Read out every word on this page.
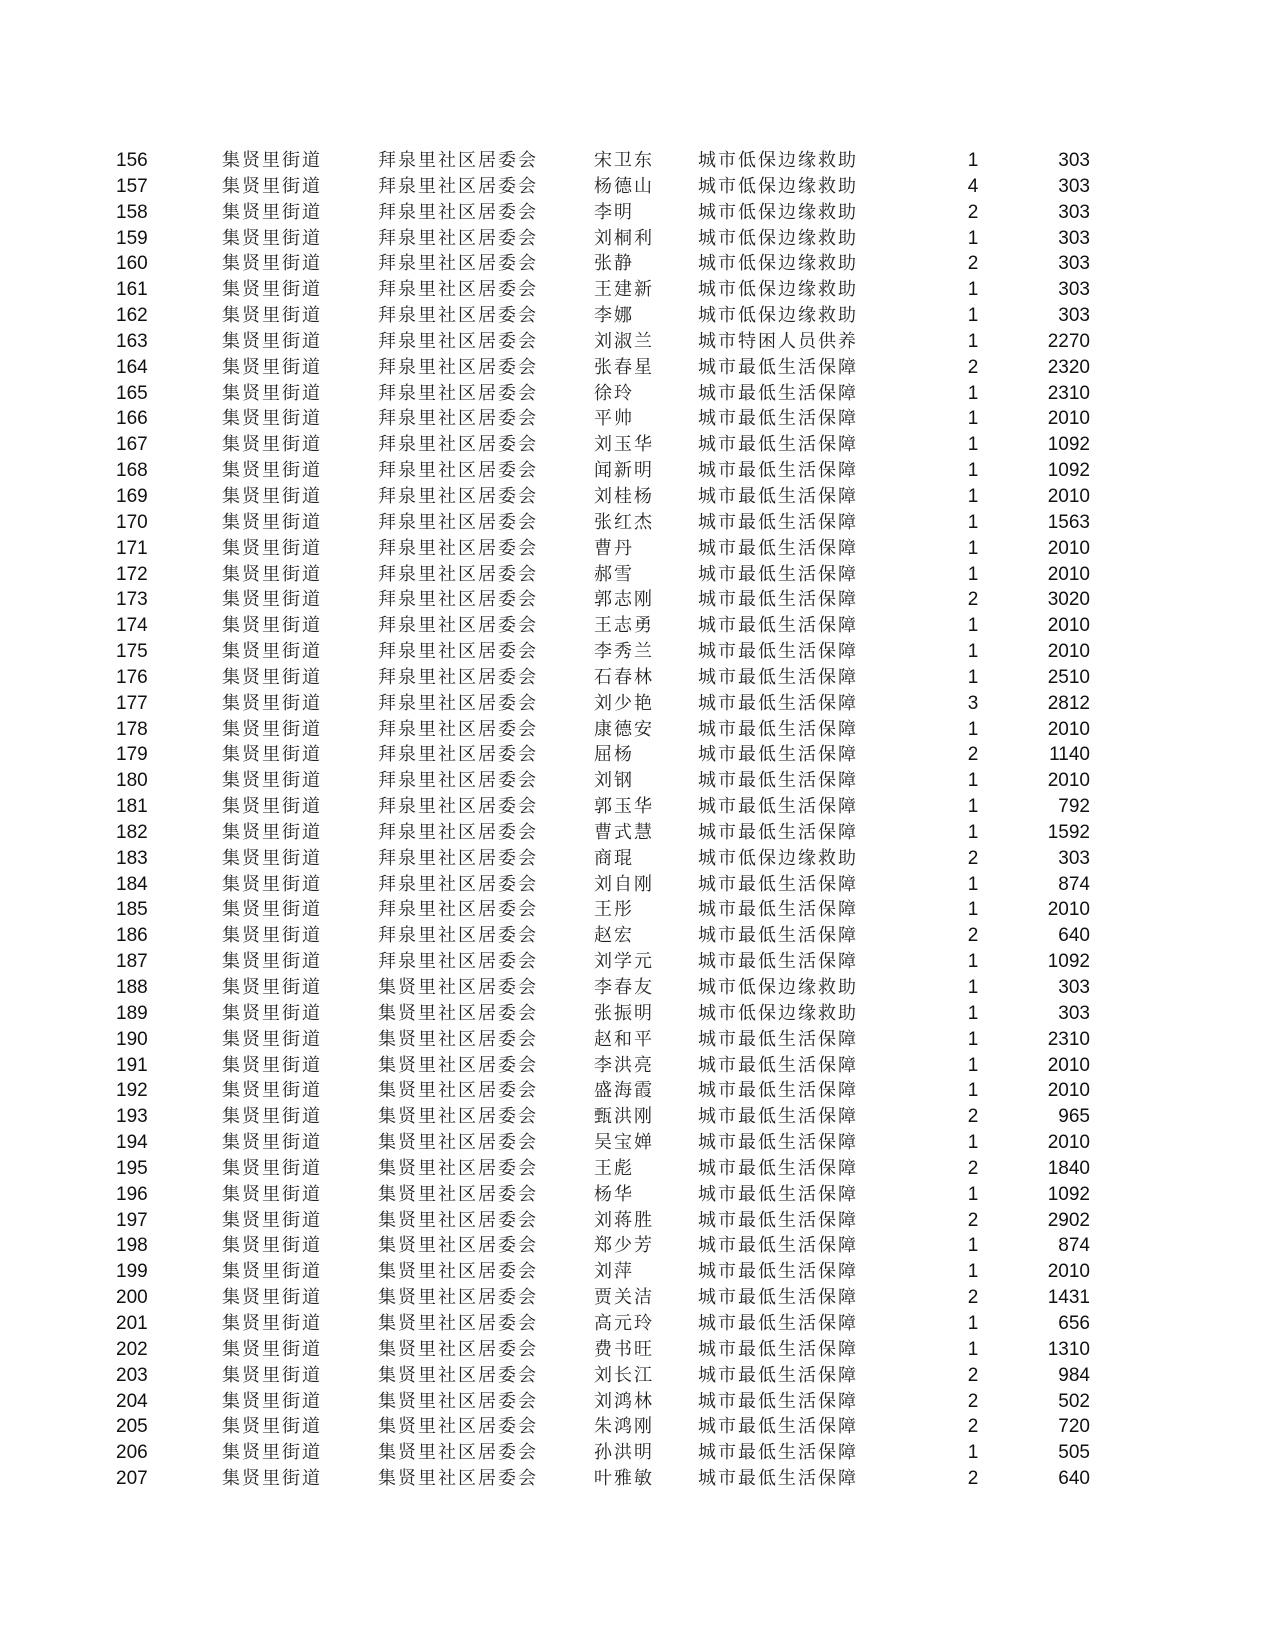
156	集贤里街道	拜泉里社区居委会	宋卫东 城市低保边缘救助	1	303
157	集贤里街道	拜泉里社区居委会	杨德山 城市低保边缘救助	4	303
158	集贤里街道	拜泉里社区居委会	李明	城市低保边缘救助	2	303
159	集贤里街道	拜泉里社区居委会	刘桐利 城市低保边缘救助	1	303
160	集贤里街道	拜泉里社区居委会	张静	城市低保边缘救助	2	303
161	集贤里街道	拜泉里社区居委会	王建新 城市低保边缘救助	1	303
162	集贤里街道	拜泉里社区居委会	李娜	城市低保边缘救助	1	303
163	集贤里街道	拜泉里社区居委会	刘淑兰 城市特困人员供养	1	2270
164	集贤里街道	拜泉里社区居委会	张春星 城市最低生活保障	2	2320
165	集贤里街道	拜泉里社区居委会	徐玲	城市最低生活保障	1	2310
166	集贤里街道	拜泉里社区居委会	平帅	城市最低生活保障	1	2010
167	集贤里街道	拜泉里社区居委会	刘玉华 城市最低生活保障	1	1092
168	集贤里街道	拜泉里社区居委会	闻新明 城市最低生活保障	1	1092
169	集贤里街道	拜泉里社区居委会	刘桂杨 城市最低生活保障	1	2010
170	集贤里街道	拜泉里社区居委会	张红杰 城市最低生活保障	1	1563
171	集贤里街道	拜泉里社区居委会	曹丹	城市最低生活保障	1	2010
172	集贤里街道	拜泉里社区居委会	郝雪	城市最低生活保障	1	2010
173	集贤里街道	拜泉里社区居委会	郭志刚 城市最低生活保障	2	3020
174	集贤里街道	拜泉里社区居委会	王志勇 城市最低生活保障	1	2010
175	集贤里街道	拜泉里社区居委会	李秀兰 城市最低生活保障	1	2010
176	集贤里街道	拜泉里社区居委会	石春林 城市最低生活保障	1	2510
177	集贤里街道	拜泉里社区居委会	刘少艳 城市最低生活保障	3	2812
178	集贤里街道	拜泉里社区居委会	康德安 城市最低生活保障	1	2010
179	集贤里街道	拜泉里社区居委会	屈杨	城市最低生活保障	2	1140
180	集贤里街道	拜泉里社区居委会	刘钢	城市最低生活保障	1	2010
181	集贤里街道	拜泉里社区居委会	郭玉华 城市最低生活保障	1	792
182	集贤里街道	拜泉里社区居委会	曹式慧 城市最低生活保障	1	1592
183	集贤里街道	拜泉里社区居委会	商琨	城市低保边缘救助	2	303
184	集贤里街道	拜泉里社区居委会	刘自刚 城市最低生活保障	1	874
185	集贤里街道	拜泉里社区居委会	王彤	城市最低生活保障	1	2010
186	集贤里街道	拜泉里社区居委会	赵宏	城市最低生活保障	2	640
187	集贤里街道	拜泉里社区居委会	刘学元 城市最低生活保障	1	1092
188	集贤里街道	集贤里社区居委会	李春友 城市低保边缘救助	1	303
189	集贤里街道	集贤里社区居委会	张振明 城市低保边缘救助	1	303
190	集贤里街道	集贤里社区居委会	赵和平 城市最低生活保障	1	2310
191	集贤里街道	集贤里社区居委会	李洪亮 城市最低生活保障	1	2010
192	集贤里街道	集贤里社区居委会	盛海霞 城市最低生活保障	1	2010
193	集贤里街道	集贤里社区居委会	甄洪刚 城市最低生活保障	2	965
194	集贤里街道	集贤里社区居委会	吴宝婵 城市最低生活保障	1	2010
195	集贤里街道	集贤里社区居委会	王彪	城市最低生活保障	2	1840
196	集贤里街道	集贤里社区居委会	杨华	城市最低生活保障	1	1092
197	集贤里街道	集贤里社区居委会	刘蒋胜 城市最低生活保障	2	2902
198	集贤里街道	集贤里社区居委会	郑少芳 城市最低生活保障	1	874
199	集贤里街道	集贤里社区居委会	刘萍	城市最低生活保障	1	2010
200	集贤里街道	集贤里社区居委会	贾关洁 城市最低生活保障	2	1431
201	集贤里街道	集贤里社区居委会	高元玲 城市最低生活保障	1	656
202	集贤里街道	集贤里社区居委会	费书旺 城市最低生活保障	1	1310
203	集贤里街道	集贤里社区居委会	刘长江 城市最低生活保障	2	984
204	集贤里街道	集贤里社区居委会	刘鸿林 城市最低生活保障	2	502
205	集贤里街道	集贤里社区居委会	朱鸿刚 城市最低生活保障	2	720
206	集贤里街道	集贤里社区居委会	孙洪明 城市最低生活保障	1	505
207	集贤里街道	集贤里社区居委会	叶雅敏 城市最低生活保障	2	640
